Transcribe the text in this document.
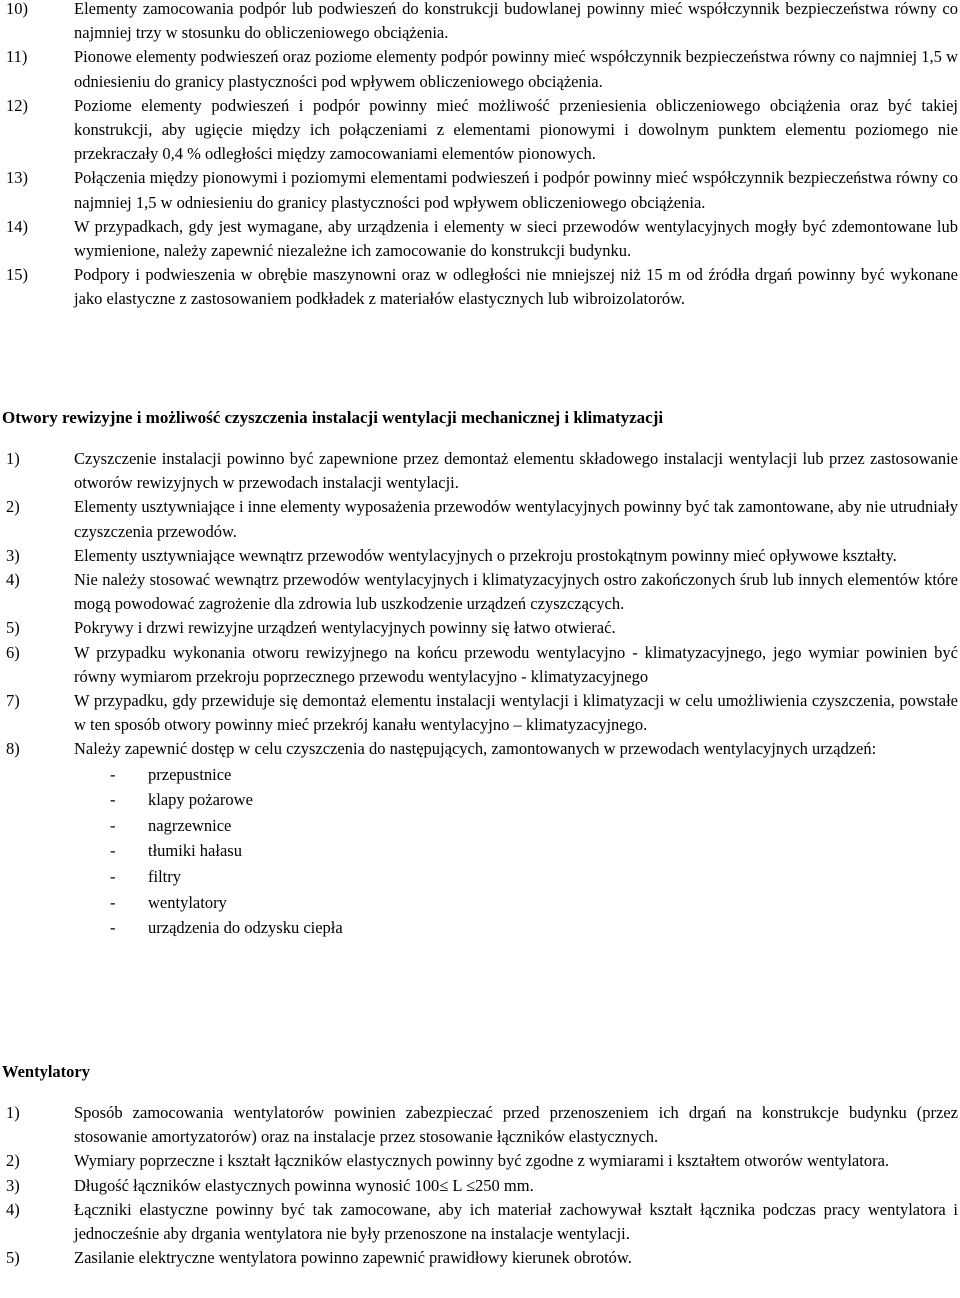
10)	Elementy zamocowania podpór lub podwieszeń do konstrukcji budowlanej powinny mieć współczynnik bezpieczeństwa równy co najmniej trzy w stosunku do obliczeniowego obciążenia.
11)	Pionowe elementy podwieszeń oraz poziome elementy podpór powinny mieć współczynnik bezpieczeństwa równy co najmniej 1,5 w odniesieniu do granicy plastyczności pod wpływem obliczeniowego obciążenia.
12)	Poziome elementy podwieszeń i podpór powinny mieć możliwość przeniesienia obliczeniowego obciążenia oraz być takiej konstrukcji, aby ugięcie między ich połączeniami z elementami pionowymi i dowolnym punktem elementu poziomego nie przekraczały 0,4 % odległości między zamocowaniami elementów pionowych.
13)	Połączenia między pionowymi i poziomymi elementami podwieszeń i podpór powinny mieć współczynnik bezpieczeństwa równy co najmniej 1,5 w odniesieniu do granicy plastyczności pod wpływem obliczeniowego obciążenia.
14)	W przypadkach, gdy jest wymagane, aby urządzenia i elementy w sieci przewodów wentylacyjnych mogły być zdemontowane lub wymienione, należy zapewnić niezależne ich zamocowanie do konstrukcji budynku.
15)	Podpory i podwieszenia w obrębie maszynowni oraz w odległości nie mniejszej niż 15 m od źródła drgań powinny być wykonane jako elastyczne z zastosowaniem podkładek z materiałów elastycznych lub wibroizolatorów.
Otwory rewizyjne i możliwość czyszczenia instalacji wentylacji mechanicznej i klimatyzacji
1)	Czyszczenie instalacji powinno być zapewnione przez demontaż elementu składowego instalacji wentylacji lub przez zastosowanie otworów rewizyjnych w przewodach instalacji wentylacji.
2)	Elementy usztywniające i inne elementy wyposażenia przewodów wentylacyjnych powinny być tak zamontowane, aby nie utrudniały czyszczenia przewodów.
3)	Elementy usztywniające wewnątrz przewodów wentylacyjnych o przekroju prostokątnym powinny mieć opływowe kształty.
4)	Nie należy stosować wewnątrz przewodów wentylacyjnych i klimatyzacyjnych ostro zakończonych śrub lub innych elementów które mogą powodować zagrożenie dla zdrowia lub uszkodzenie urządzeń czyszczących.
5)	Pokrywy i drzwi rewizyjne urządzeń wentylacyjnych powinny się łatwo otwierać.
6)	W przypadku wykonania otworu rewizyjnego na końcu przewodu wentylacyjno - klimatyzacyjnego, jego wymiar powinien być równy wymiarom przekroju poprzecznego przewodu wentylacyjno - klimatyzacyjnego
7)	W przypadku, gdy przewiduje się demontaż elementu instalacji wentylacji i klimatyzacji w celu umożliwienia czyszczenia, powstałe w ten sposób otwory powinny mieć przekrój kanału wentylacyjno – klimatyzacyjnego.
8)	Należy zapewnić dostęp w celu czyszczenia do następujących, zamontowanych w przewodach wentylacyjnych urządzeń:
- przepustnice
- klapy pożarowe
- nagrzewnice
- tłumiki hałasu
- filtry
- wentylatory
- urządzenia do odzysku ciepła
Wentylatory
1)	Sposób zamocowania wentylatorów powinien zabezpieczać przed przenoszeniem ich drgań na konstrukcje budynku (przez stosowanie amortyzatorów) oraz na instalacje przez stosowanie łączników elastycznych.
2)	Wymiary poprzeczne i kształt łączników elastycznych powinny być zgodne z wymiarami i kształtem otworów wentylatora.
3)	Długość łączników elastycznych powinna wynosić 100≤ L ≤250 mm.
4)	Łączniki elastyczne powinny być tak zamocowane, aby ich materiał zachowywał kształt łącznika podczas pracy wentylatora i jednocześnie aby drgania wentylatora nie były przenoszone na instalacje wentylacji.
5)	Zasilanie elektryczne wentylatora powinno zapewnić prawidłowy kierunek obrotów.
